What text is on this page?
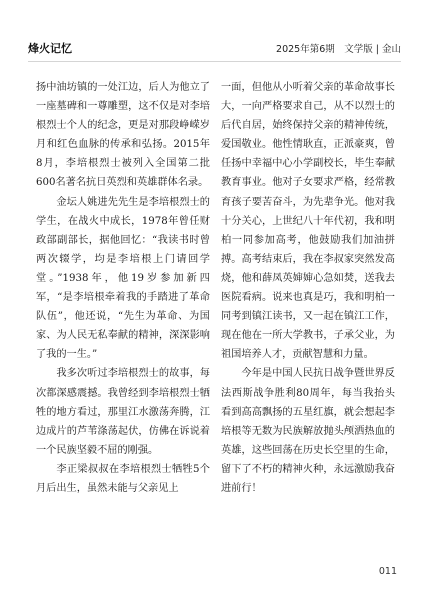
烽火记忆	2025年第6期　文学版 | 金山

扬中油坊镇的一处江边，后人为他立了一座墓碑和一尊雕塑，这不仅是对李培根烈士个人的纪念，更是对那段峥嵘岁月和红色血脉的传承和弘扬。2015年8月，李培根烈士被列入全国第二批600名著名抗日英烈和英雄群体名录。

金坛人姚进先先生是李培根烈士的学生，在战火中成长，1978年曾任财政部副部长，据他回忆：“我读书时曾两次辍学，均是李培根上门请回学堂。”1938年，他19岁参加新四军，“是李培根牵着我的手踏进了革命队伍”，他还说，“先生为革命、为国家、为人民无私奉献的精神，深深影响了我的一生。”

我多次听过李培根烈士的故事，每次都深感震撼。我曾经到李培根烈士牺牲的地方看过，那里江水激荡奔腾，江边成片的芦苇涤荡起伏，仿佛在诉说着一个民族坚毅不屈的刚强。

李正梁叔叔在李培根烈士牺牲5个月后出生，虽然未能与父亲见上

一面，但他从小听着父亲的革命故事长大，一向严格要求自己，从不以烈士的后代自居，始终保持父亲的精神传统，爱国敬业。他性情耿直，正派豪爽，曾任扬中幸福中心小学副校长，毕生奉献教育事业。他对子女要求严格，经常教育孩子要苦奋斗，为先辈争光。他对我十分关心，上世纪八十年代初，我和明柏一同参加高考，他鼓励我们加油拼搏。高考结束后，我在李叔家突然发高烧，他和薛凤英婶婶心急如焚，送我去医院看病。说来也真是巧，我和明柏一同考到镇江读书，又一起在镇江工作，现在他在一所大学教书，子承父业，为祖国培养人才，贡献智慧和力量。

今年是中国人民抗日战争暨世界反法西斯战争胜利80周年，每当我抬头看到高高飘扬的五星红旗，就会想起李培根等无数为民族解放抛头颅洒热血的英雄，这些回荡在历史长空里的生命，留下了不朽的精神火种，永远激励我奋进前行！

011
